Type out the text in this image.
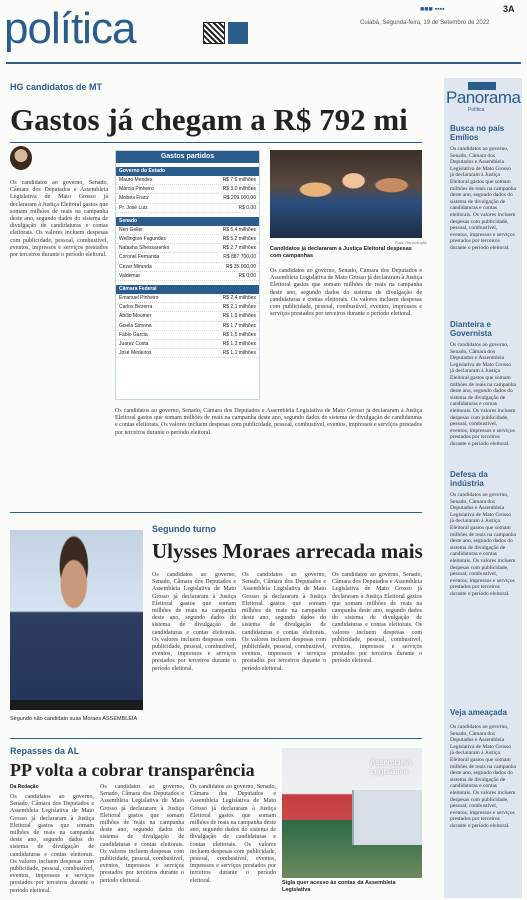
política	■■■ ▪▪▪▪	3A
Cuiabá, Segunda-feira, 19 de Setembro de 2022
HG candidatos de MT
Gastos já chegam a R$ 792 mi
Os candidatos ao governo, Senado, Câmara dos Deputados e Assembleia Legislativa de Mato Grosso já declararam à Justiça Eleitoral gastos que somam milhões de reais na campanha deste ano, segundo dados do sistema de divulgação de candidaturas e contas eleitorais. Os valores incluem despesas com publicidade, pessoal, combustível, eventos, impressos e serviços prestados por terceiros durante o período eleitoral.
Gastos partidos
Governo do Estado
Mauro Mendes	R$ 7,6 milhões
Márcia Pinheiro	R$ 3,0 milhões
Moisés Franz	R$ 209.000,00
Pr. José Luiz	R$ 0,00
Senado
Neri Geller	R$ 5,4 milhões
Wellington Fagundes	R$ 5,2 milhões
Natasha Slhessarenko	R$ 2,7 milhões
Coronel Fernanda	R$ 887.700,00
Cezar Miranda	R$ 35.000,00
Valdemar	R$ 0,00
Câmara Federal
Emanuel Pinheiro	R$ 2,4 milhões
Carlos Bezerra	R$ 2,1 milhões
Abílio Moumer	R$ 1,9 milhões
Gisela Simona	R$ 1,7 milhões
Fábio Garcia	R$ 1,5 milhões
Juarez Costa	R$ 1,3 milhões
José Medeiros	R$ 1,1 milhões
Foto: Reprodução
Candidatos já declararam à Justiça Eleitoral despesas com campanhas
Os candidatos ao governo, Senado, Câmara dos Deputados e Assembleia Legislativa de Mato Grosso já declararam à Justiça Eleitoral gastos que somam milhões de reais na campanha deste ano, segundo dados do sistema de divulgação de candidaturas e contas eleitorais. Os valores incluem despesas com publicidade, pessoal, combustível, eventos, impressos e serviços prestados por terceiros durante o período eleitoral.
Os candidatos ao governo, Senado, Câmara dos Deputados e Assembleia Legislativa de Mato Grosso já declararam à Justiça Eleitoral gastos que somam milhões de reais na campanha deste ano, segundo dados do sistema de divulgação de candidaturas e contas eleitorais. Os valores incluem despesas com publicidade, pessoal, combustível, eventos, impressos e serviços prestados por terceiros durante o período eleitoral.
Segundo não candidato suas Moraes ASSEMBLEIA
Segundo turno
Ulysses Moraes arrecada mais
Os candidatos ao governo, Senado, Câmara dos Deputados e Assembleia Legislativa de Mato Grosso já declararam à Justiça Eleitoral gastos que somam milhões de reais na campanha deste ano, segundo dados do sistema de divulgação de candidaturas e contas eleitorais. Os valores incluem despesas com publicidade, pessoal, combustível, eventos, impressos e serviços prestados por terceiros durante o período eleitoral.
Os candidatos ao governo, Senado, Câmara dos Deputados e Assembleia Legislativa de Mato Grosso já declararam à Justiça Eleitoral gastos que somam milhões de reais na campanha deste ano, segundo dados do sistema de divulgação de candidaturas e contas eleitorais. Os valores incluem despesas com publicidade, pessoal, combustível, eventos, impressos e serviços prestados por terceiros durante o período eleitoral.
Os candidatos ao governo, Senado, Câmara dos Deputados e Assembleia Legislativa de Mato Grosso já declararam à Justiça Eleitoral gastos que somam milhões de reais na campanha deste ano, segundo dados do sistema de divulgação de candidaturas e contas eleitorais. Os valores incluem despesas com publicidade, pessoal, combustível, eventos, impressos e serviços prestados por terceiros durante o período eleitoral.
Repasses da AL
PP volta a cobrar transparência
Da Redação
Os candidatos ao governo, Senado, Câmara dos Deputados e Assembleia Legislativa de Mato Grosso já declararam à Justiça Eleitoral gastos que somam milhões de reais na campanha deste ano, segundo dados do sistema de divulgação de candidaturas e contas eleitorais. Os valores incluem despesas com publicidade, pessoal, combustível, eventos, impressos e serviços prestados por terceiros durante o período eleitoral.
Os candidatos ao governo, Senado, Câmara dos Deputados e Assembleia Legislativa de Mato Grosso já declararam à Justiça Eleitoral gastos que somam milhões de reais na campanha deste ano, segundo dados do sistema de divulgação de candidaturas e contas eleitorais. Os valores incluem despesas com publicidade, pessoal, combustível, eventos, impressos e serviços prestados por terceiros durante o período eleitoral.
Os candidatos ao governo, Senado, Câmara dos Deputados e Assembleia Legislativa de Mato Grosso já declararam à Justiça Eleitoral gastos que somam milhões de reais na campanha deste ano, segundo dados do sistema de divulgação de candidaturas e contas eleitorais. Os valores incluem despesas com publicidade, pessoal, combustível, eventos, impressos e serviços prestados por terceiros durante o período eleitoral.
Assembleia Legislativa
Sigla quer acesso às contas da Assembleia Legislativa
Panorama
Política
Busca no país Emílios
Os candidatos ao governo, Senado, Câmara dos Deputados e Assembleia Legislativa de Mato Grosso já declararam à Justiça Eleitoral gastos que somam milhões de reais na campanha deste ano, segundo dados do sistema de divulgação de candidaturas e contas eleitorais. Os valores incluem despesas com publicidade, pessoal, combustível, eventos, impressos e serviços prestados por terceiros durante o período eleitoral.
Dianteira e Governista
Os candidatos ao governo, Senado, Câmara dos Deputados e Assembleia Legislativa de Mato Grosso já declararam à Justiça Eleitoral gastos que somam milhões de reais na campanha deste ano, segundo dados do sistema de divulgação de candidaturas e contas eleitorais. Os valores incluem despesas com publicidade, pessoal, combustível, eventos, impressos e serviços prestados por terceiros durante o período eleitoral.
Defesa da indústria
Os candidatos ao governo, Senado, Câmara dos Deputados e Assembleia Legislativa de Mato Grosso já declararam à Justiça Eleitoral gastos que somam milhões de reais na campanha deste ano, segundo dados do sistema de divulgação de candidaturas e contas eleitorais. Os valores incluem despesas com publicidade, pessoal, combustível, eventos, impressos e serviços prestados por terceiros durante o período eleitoral.
Veja ameaçada
Os candidatos ao governo, Senado, Câmara dos Deputados e Assembleia Legislativa de Mato Grosso já declararam à Justiça Eleitoral gastos que somam milhões de reais na campanha deste ano, segundo dados do sistema de divulgação de candidaturas e contas eleitorais. Os valores incluem despesas com publicidade, pessoal, combustível, eventos, impressos e serviços prestados por terceiros durante o período eleitoral.
